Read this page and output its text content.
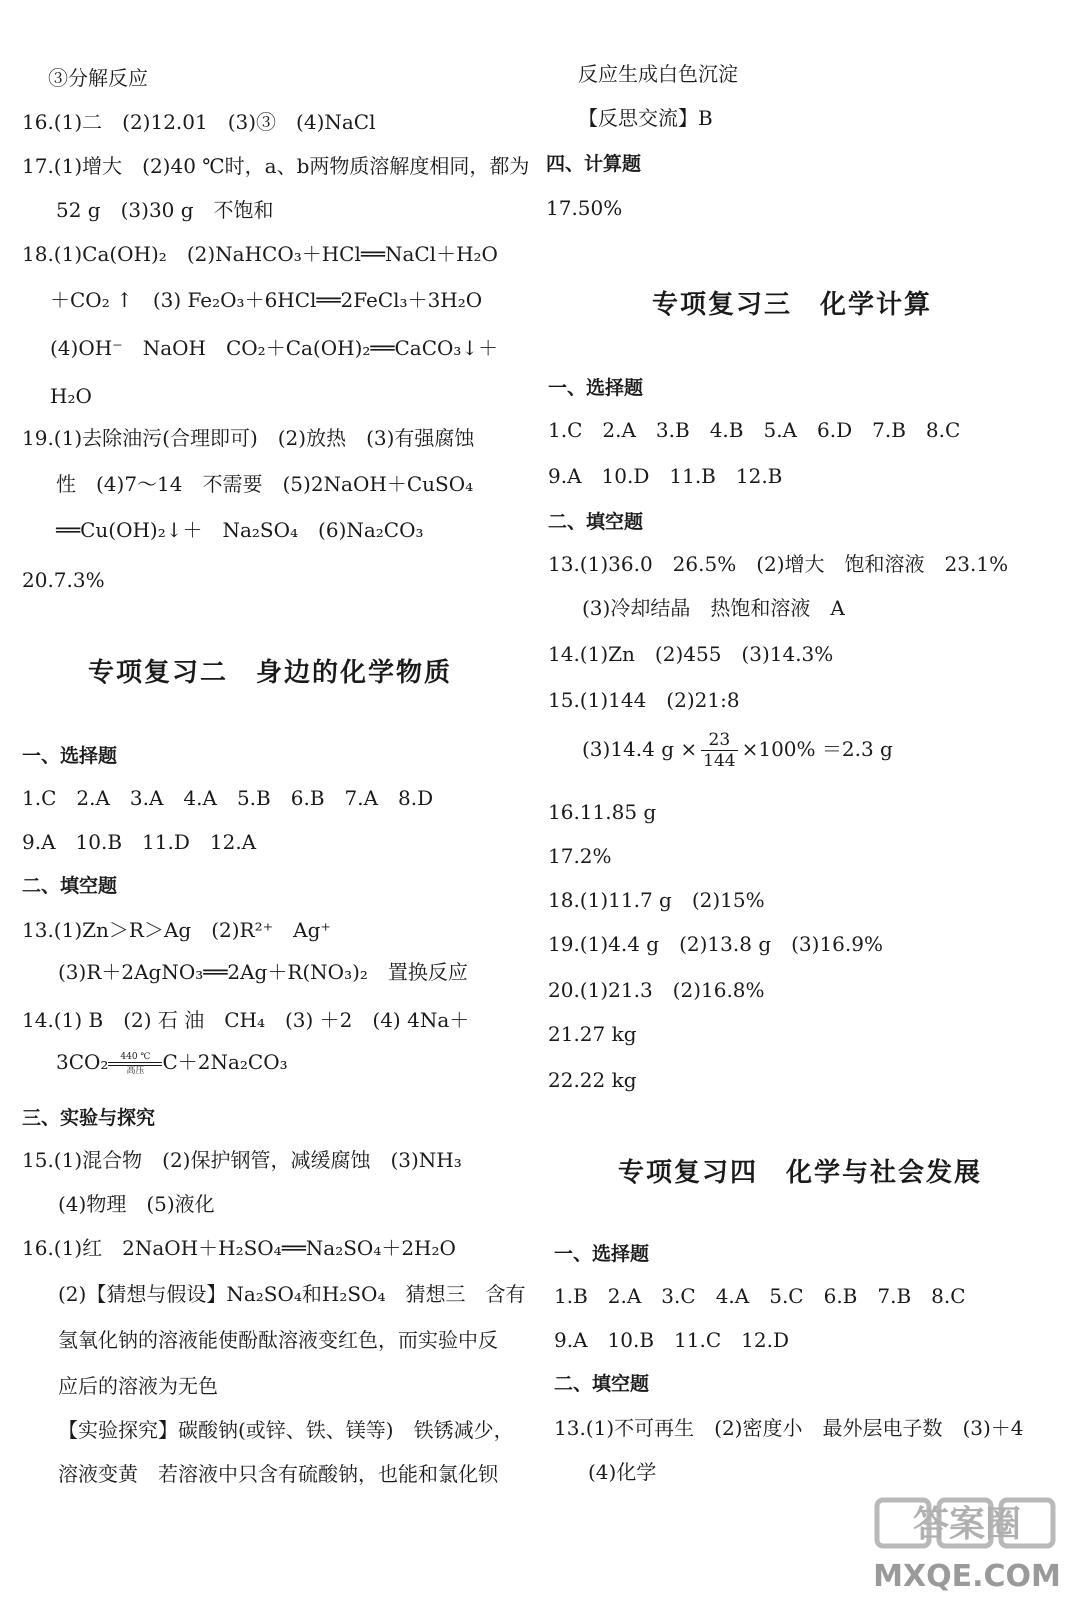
③分解反应
16.(1)二　(2)12.01　(3)③　(4)NaCl
17.(1)增大　(2)40 ℃时，a、b两物质溶解度相同，都为
52 g　(3)30 g　不饱和
18.(1)Ca(OH)₂　(2)NaHCO₃＋HCl══NaCl＋H₂O
＋CO₂ ↑　(3) Fe₂O₃＋6HCl══2FeCl₃＋3H₂O
(4)OH⁻　NaOH　CO₂＋Ca(OH)₂══CaCO₃↓＋
H₂O
19.(1)去除油污(合理即可)　(2)放热　(3)有强腐蚀
性　(4)7～14　不需要　(5)2NaOH＋CuSO₄
══Cu(OH)₂↓＋　Na₂SO₄　(6)Na₂CO₃
20.7.3%
专项复习二　身边的化学物质
一、选择题
1.C　2.A　3.A　4.A　5.B　6.B　7.A　8.D
9.A　10.B　11.D　12.A
二、填空题
13.(1)Zn＞R＞Ag　(2)R²⁺　Ag⁺
(3)R＋2AgNO₃══2Ag＋R(NO₃)₂　置换反应
14.(1) B　(2) 石 油　CH₄　(3) ＋2　(4) 4Na＋
3CO₂	440 ℃
高压 C＋2Na₂CO₃
三、实验与探究
15.(1)混合物　(2)保护钢管，减缓腐蚀　(3)NH₃
(4)物理　(5)液化
16.(1)红　2NaOH＋H₂SO₄══Na₂SO₄＋2H₂O
(2)【猜想与假设】Na₂SO₄和H₂SO₄　猜想三　含有
氢氧化钠的溶液能使酚酞溶液变红色，而实验中反
应后的溶液为无色
【实验探究】碳酸钠(或锌、铁、镁等)　铁锈减少，
溶液变黄　若溶液中只含有硫酸钠，也能和氯化钡
反应生成白色沉淀
【反思交流】B
四、计算题
17.50%
专项复习三　化学计算
一、选择题
1.C　2.A　3.B　4.B　5.A　6.D　7.B　8.C
9.A　10.D　11.B　12.B
二、填空题
13.(1)36.0　26.5%　(2)增大　饱和溶液　23.1%
(3)冷却结晶　热饱和溶液　A
14.(1)Zn　(2)455　(3)14.3%
15.(1)144　(2)21:8
(3)14.4 $g \times \frac{23}{144} \times 100\% =2.3$ g
16.11.85 g
17.2%
18.(1)11.7 g　(2)15%
19.(1)4.4 g　(2)13.8 g　(3)16.9%
20.(1)21.3　(2)16.8%
21.27 kg
22.22 kg
专项复习四　化学与社会发展
一、选择题
1.B　2.A　3.C　4.A　5.C　6.B　7.B　8.C
9.A　10.B　11.C　12.D
二、填空题
13.(1)不可再生　(2)密度小　最外层电子数　(3)＋4
(4)化学
答案圈
MXQE.COM
